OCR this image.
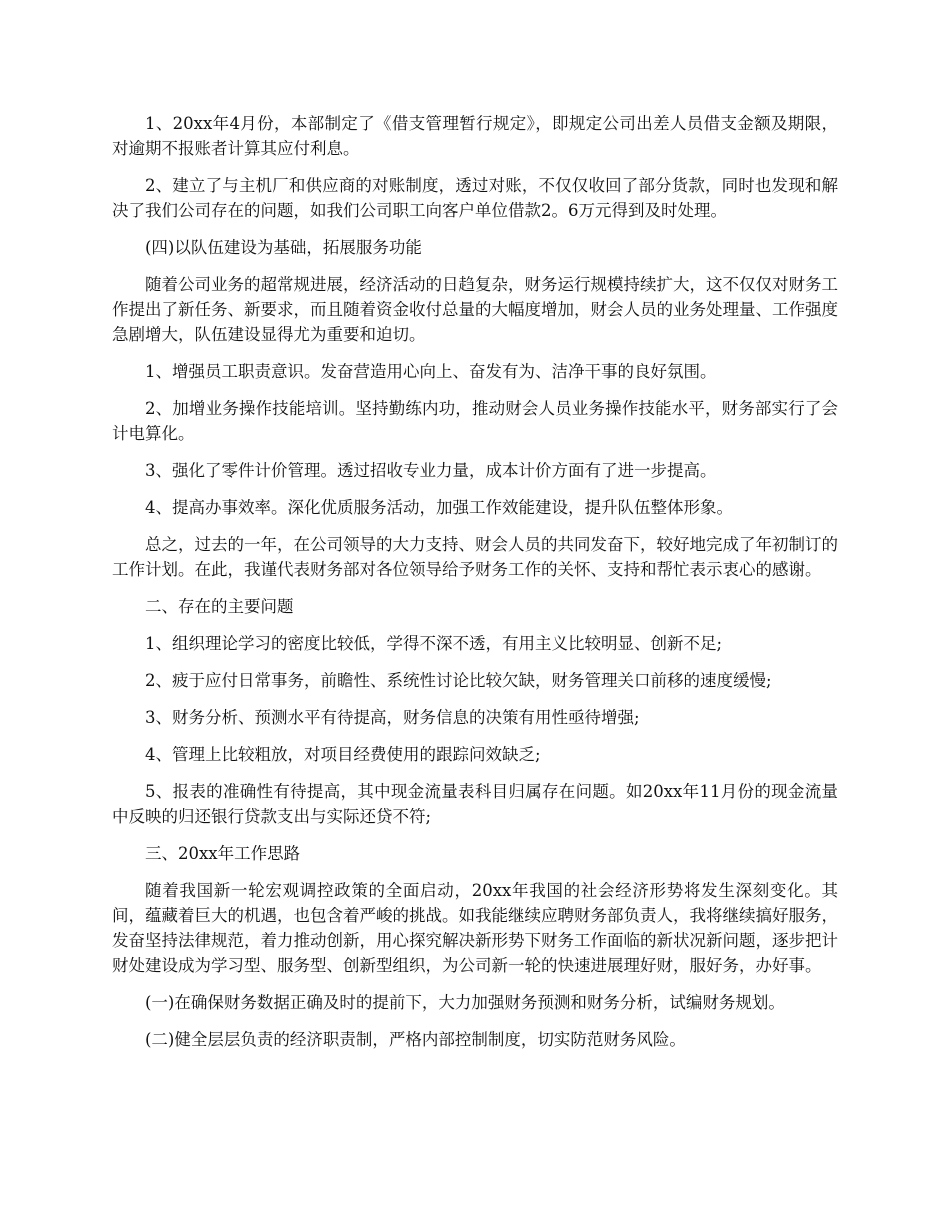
1、20xx年4月份，本部制定了《借支管理暂行规定》，即规定公司出差人员借支金额及期限，对逾期不报账者计算其应付利息。

2、建立了与主机厂和供应商的对账制度，透过对账，不仅仅收回了部分货款，同时也发现和解决了我们公司存在的问题，如我们公司职工向客户单位借款2。6万元得到及时处理。

(四)以队伍建设为基础，拓展服务功能

随着公司业务的超常规进展，经济活动的日趋复杂，财务运行规模持续扩大，这不仅仅对财务工作提出了新任务、新要求，而且随着资金收付总量的大幅度增加，财会人员的业务处理量、工作强度急剧增大，队伍建设显得尤为重要和迫切。

1、增强员工职责意识。发奋营造用心向上、奋发有为、洁净干事的良好氛围。

2、加增业务操作技能培训。坚持勤练内功，推动财会人员业务操作技能水平，财务部实行了会计电算化。

3、强化了零件计价管理。透过招收专业力量，成本计价方面有了进一步提高。

4、提高办事效率。深化优质服务活动，加强工作效能建设，提升队伍整体形象。

总之，过去的一年，在公司领导的大力支持、财会人员的共同发奋下，较好地完成了年初制订的工作计划。在此，我谨代表财务部对各位领导给予财务工作的关怀、支持和帮忙表示衷心的感谢。

二、存在的主要问题

1、组织理论学习的密度比较低，学得不深不透，有用主义比较明显、创新不足;

2、疲于应付日常事务，前瞻性、系统性讨论比较欠缺，财务管理关口前移的速度缓慢;

3、财务分析、预测水平有待提高，财务信息的决策有用性亟待增强;

4、管理上比较粗放，对项目经费使用的跟踪问效缺乏;

5、报表的准确性有待提高，其中现金流量表科目归属存在问题。如20xx年11月份的现金流量中反映的归还银行贷款支出与实际还贷不符;

三、20xx年工作思路

随着我国新一轮宏观调控政策的全面启动，20xx年我国的社会经济形势将发生深刻变化。其间，蕴藏着巨大的机遇，也包含着严峻的挑战。如我能继续应聘财务部负责人，我将继续搞好服务，发奋坚持法律规范，着力推动创新，用心探究解决新形势下财务工作面临的新状况新问题，逐步把计财处建设成为学习型、服务型、创新型组织，为公司新一轮的快速进展理好财，服好务，办好事。

(一)在确保财务数据正确及时的提前下，大力加强财务预测和财务分析，试编财务规划。

(二)健全层层负责的经济职责制，严格内部控制制度，切实防范财务风险。
